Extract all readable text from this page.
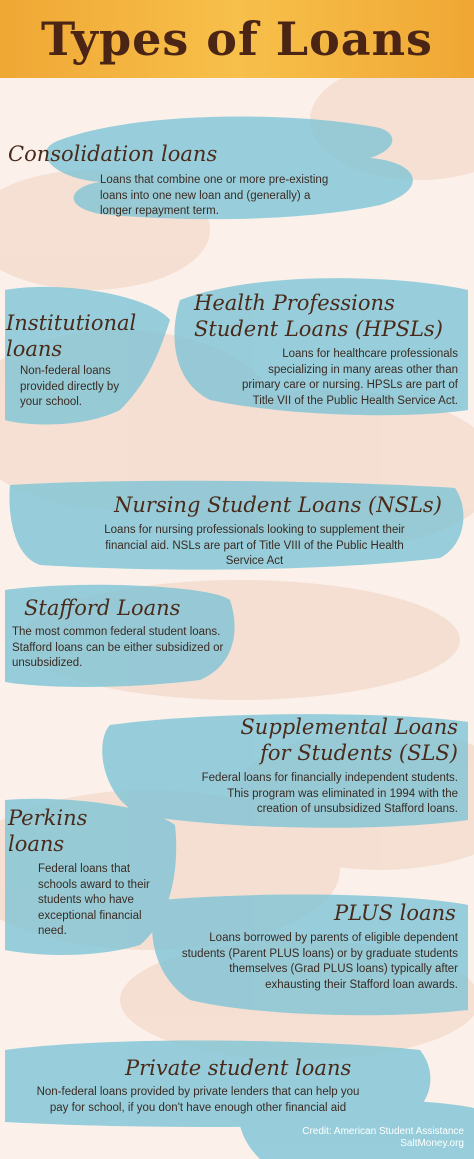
Types of Loans

Consolidation loans

Loans that combine one or more pre-existing
loans into one new loan and (generally) a
longer repayment term.

Institutional
loans

Non-federal loans
provided directly by
your school.

Health Professions
Student Loans (HPSLs)

Loans for healthcare professionals
specializing in many areas other than
primary care or nursing. HPSLs are part of
Title VII of the Public Health Service Act.

Nursing Student Loans (NSLs)

Loans for nursing professionals looking to supplement their
financial aid. NSLs are part of Title VIII of the Public Health
Service Act

Stafford Loans

The most common federal student loans.
Stafford loans can be either subsidized or
unsubsidized.

Supplemental Loans
for Students (SLS)

Federal loans for financially independent students.
This program was eliminated in 1994 with the
creation of unsubsidized Stafford loans.

Perkins
loans

Federal loans that
schools award to their
students who have
exceptional financial
need.

PLUS loans

Loans borrowed by parents of eligible dependent
students (Parent PLUS loans) or by graduate students
themselves (Grad PLUS loans) typically after
exhausting their Stafford loan awards.

Private student loans

Non-federal loans provided by private lenders that can help you
pay for school, if you don't have enough other financial aid

Credit: American Student Assistance
SaltMoney.org
